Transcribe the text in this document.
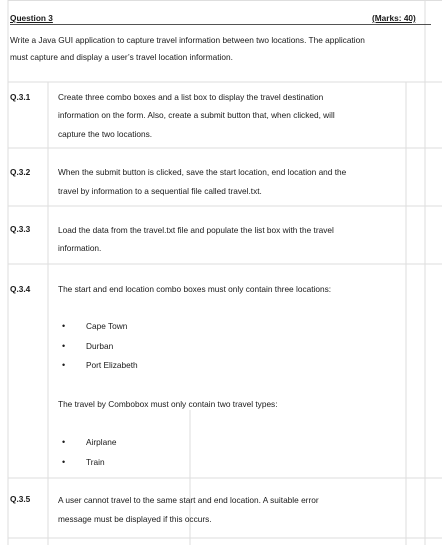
Question 3	(Marks: 40)
Write a Java GUI application to capture travel information between two locations. The application
must capture and display a user’s travel location information.
Q.3.1	Create three combo boxes and a list box to display the travel destination
information on the form. Also, create a submit button that, when clicked, will
capture the two locations.
Q.3.2	When the submit button is clicked, save the start location, end location and the
travel by information to a sequential file called travel.txt.
Q.3.3	Load the data from the travel.txt file and populate the list box with the travel
information.
Q.3.4	The start and end location combo boxes must only contain three locations:
•	Cape Town
•	Durban
•	Port Elizabeth
The travel by Combobox must only contain two travel types:
•	Airplane
•	Train
Q.3.5	A user cannot travel to the same start and end location. A suitable error
message must be displayed if this occurs.
